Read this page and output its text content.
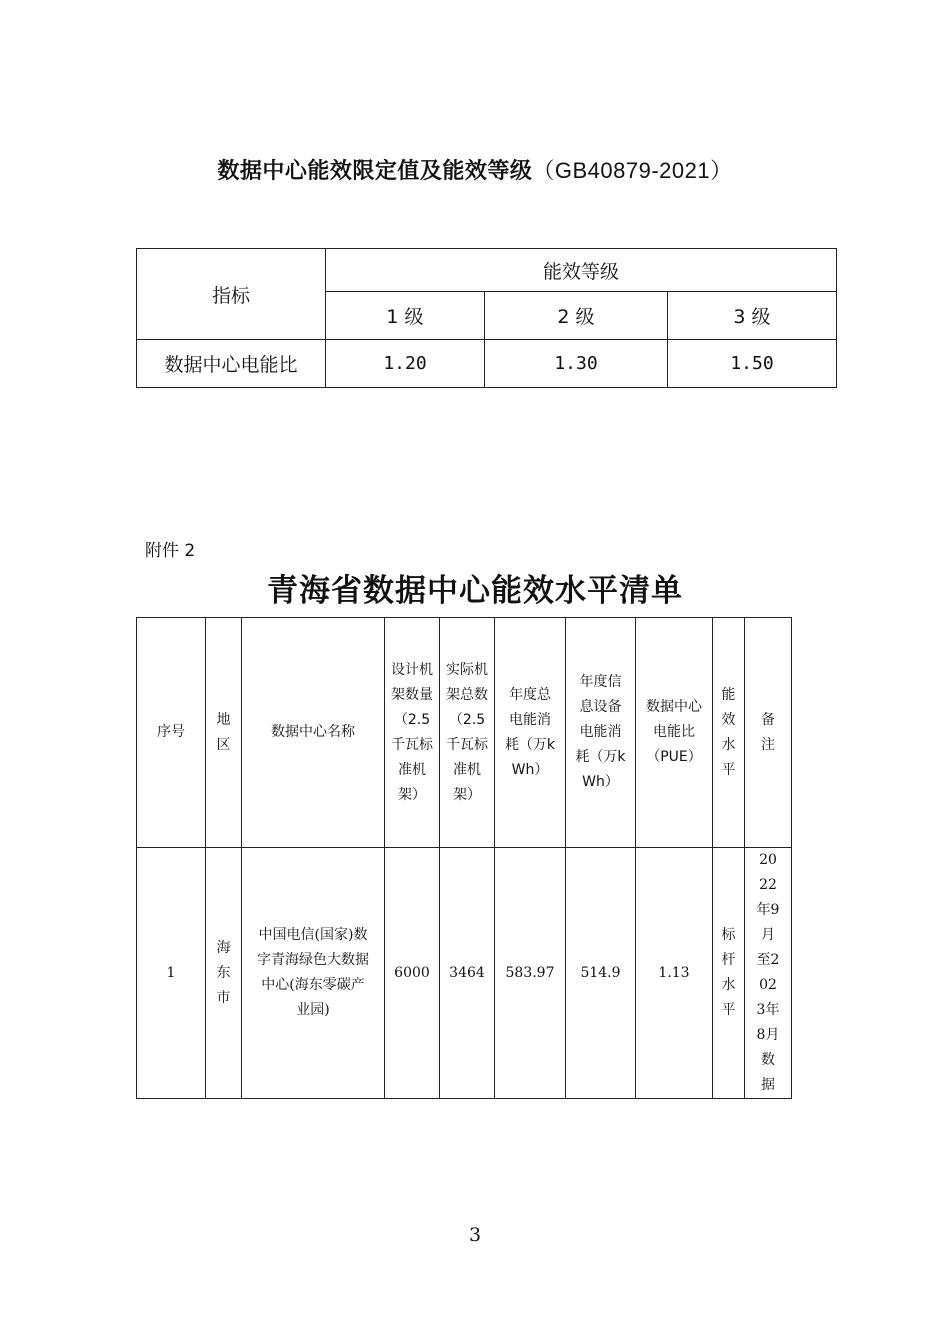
数据中心能效限定值及能效等级（GB40879-2021）
指标	能效等级		
	1 级	2 级	3 级
数据中心电能比	1.20	1.30	1.50
附件 2
青海省数据中心能效水平清单
序号	地区	数据中心名称	设计机架数量（2.5千瓦标准机架）	实际机架总数（2.5千瓦标准机架）	年度总电能消耗（万kWh）	年度信息设备电能消耗（万kWh）	数据中心电能比（PUE）	能效水平	备注
1	海东市	中国电信(国家)数字青海绿色大数据中心(海东零碳产业园)	6000	3464	583.97	514.9	1.13	标杆水平	2022年9月至2023年8月数据
3
